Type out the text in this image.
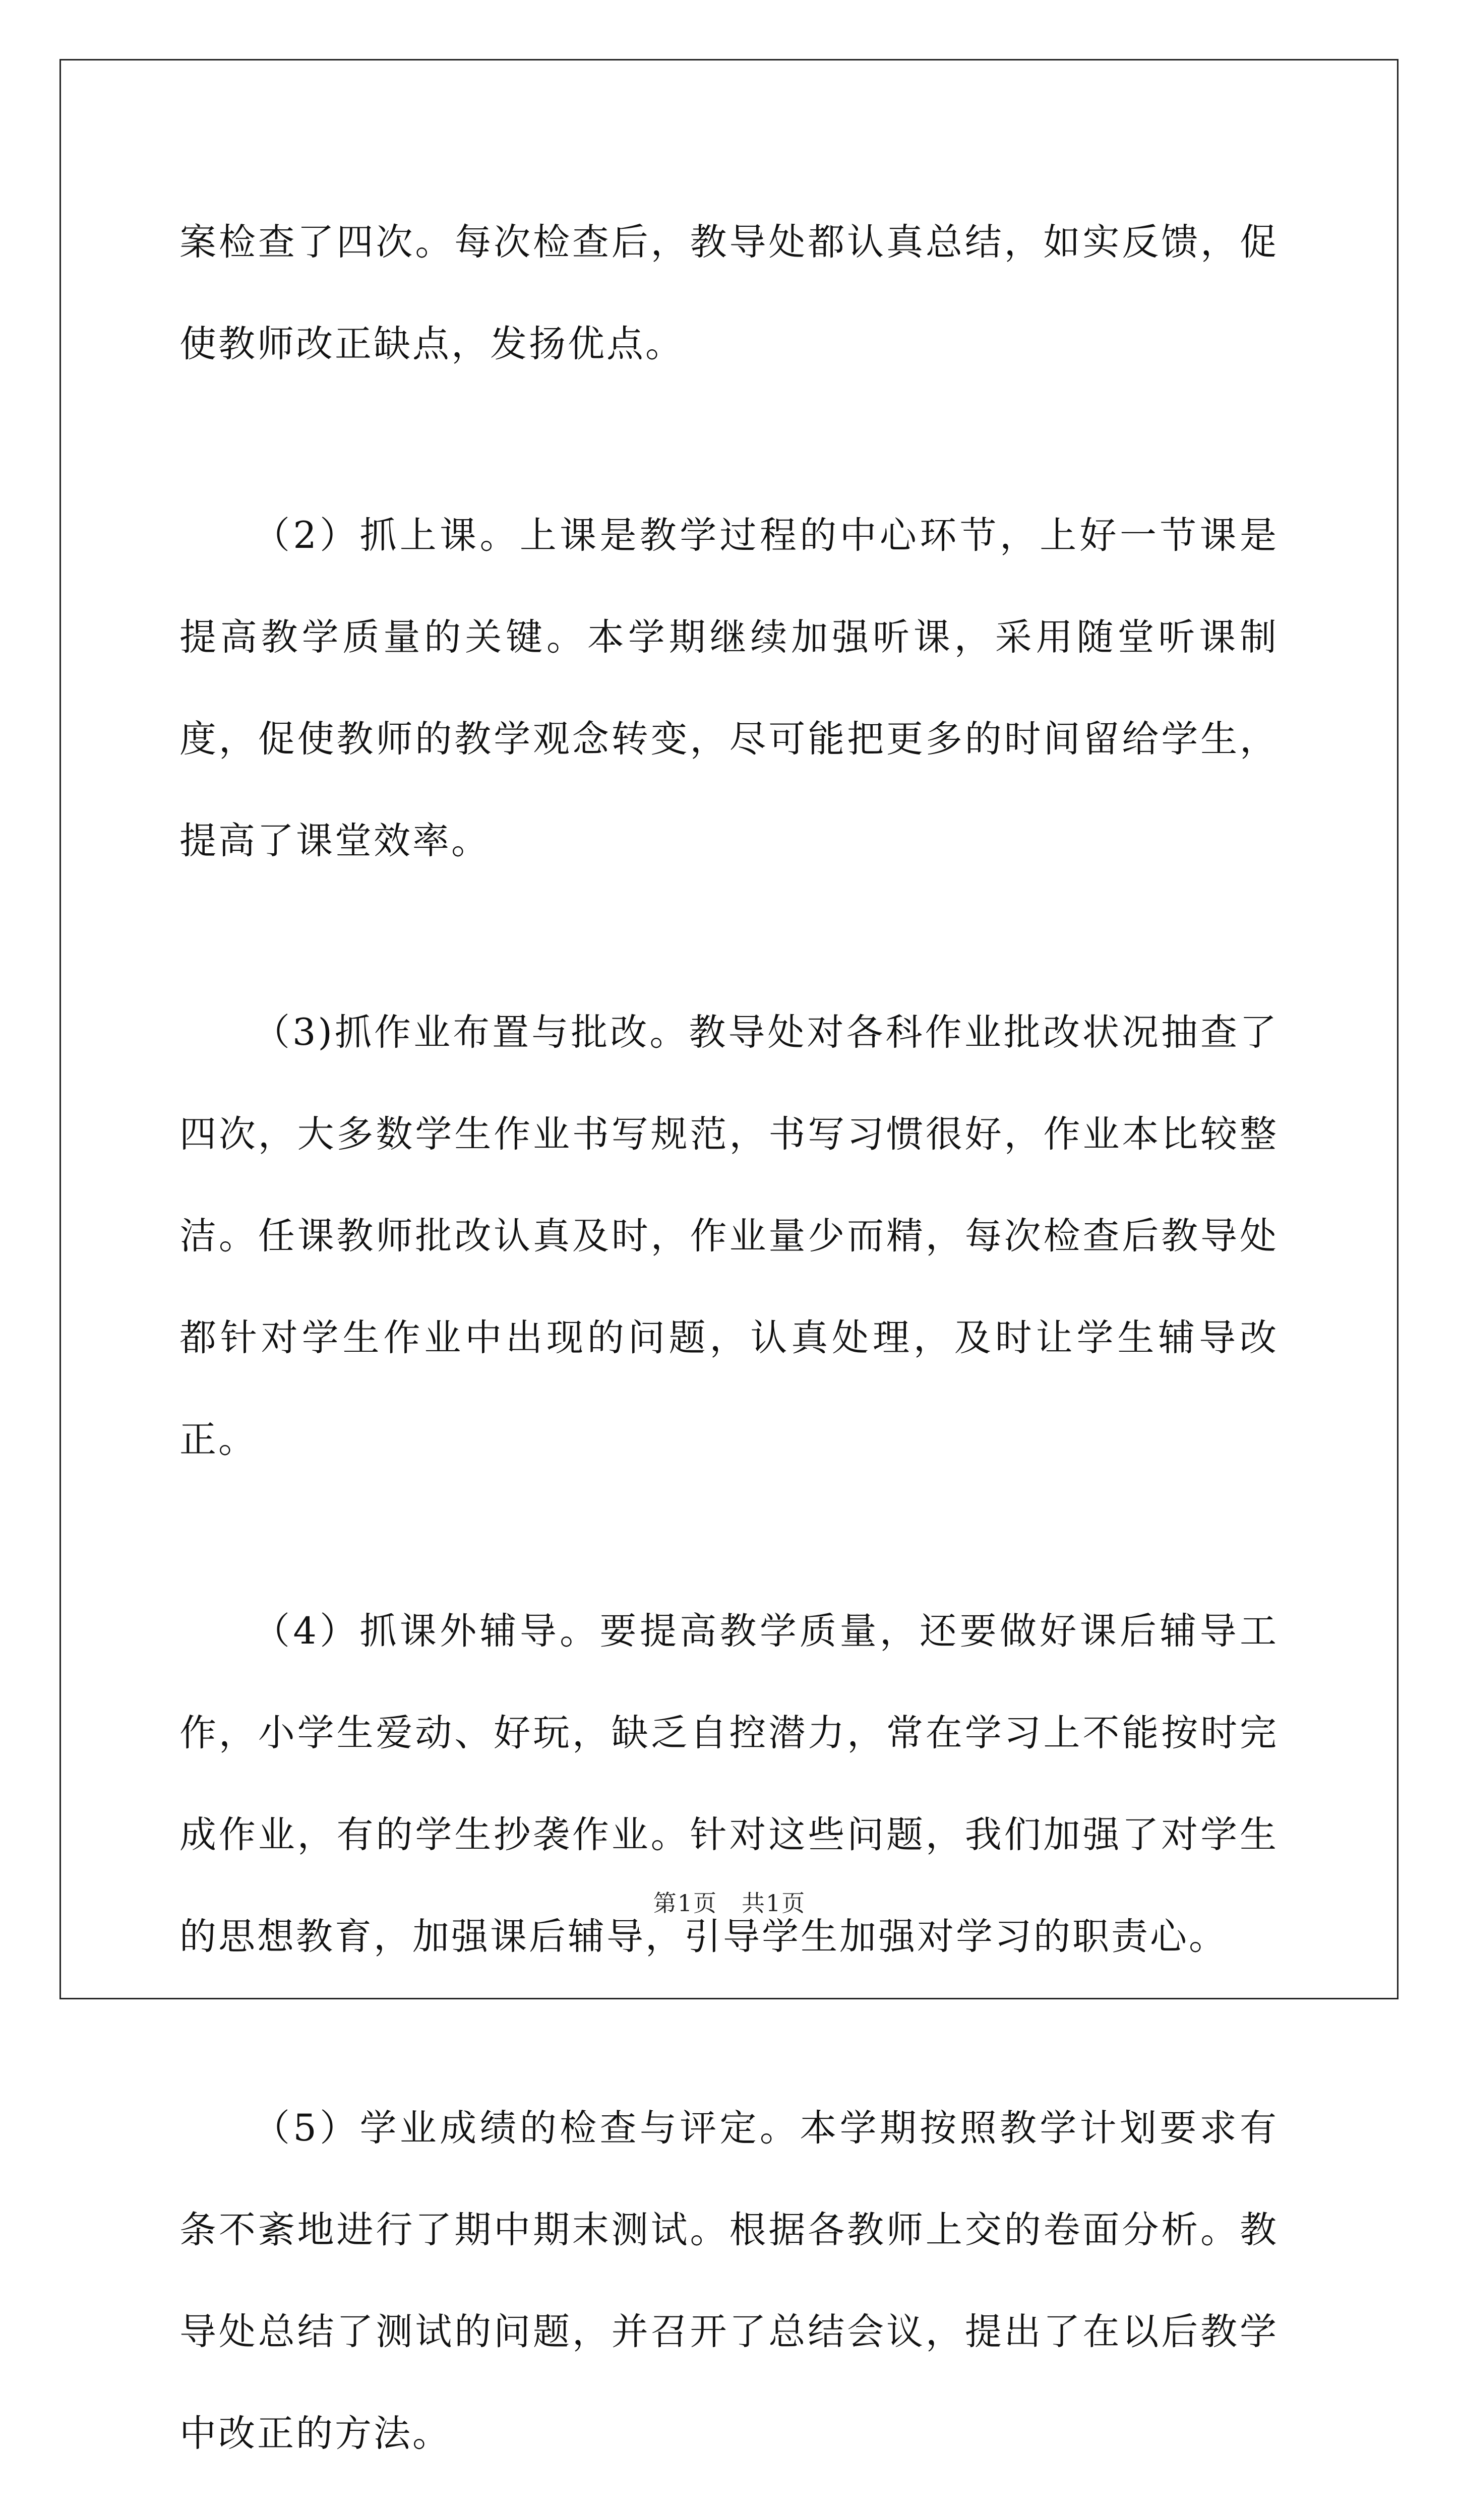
案检查了四次。每次检查后，教导处都认真总结，如实反馈，促使教师改正缺点，发扬优点。

（2）抓上课。上课是教学过程的中心环节，上好一节课是提高教学质量的关键。本学期继续加强听课，采用随堂听课制度，促使教师的教学观念转变，尽可能把更多的时间留给学生，提高了课堂效率。

（3)抓作业布置与批改。教导处对各科作业批改状况抽查了四次，大多数学生作业书写规范，书写习惯很好，作业本比较整洁。任课教师批改认真及时，作业量少而精，每次检查后教导处都针对学生作业中出现的问题，认真处理，及时让学生辅导改正。

（4）抓课外辅导。要提高教学质量，还要做好课后辅导工作，小学生爱动、好玩，缺乏自控潜力，常在学习上不能按时完成作业，有的学生抄袭作业。针对这些问题，我们加强了对学生的思想教育，加强课后辅导，引导学生加强对学习的职责心。

（5）学业成绩的检查与评定。本学期按照教学计划要求有条不紊地进行了期中期末测试。根据各教师上交的卷面分析。教导处总结了测试的问题，并召开了总结会议，提出了在以后教学中改正的方法。

第1页　共1页
